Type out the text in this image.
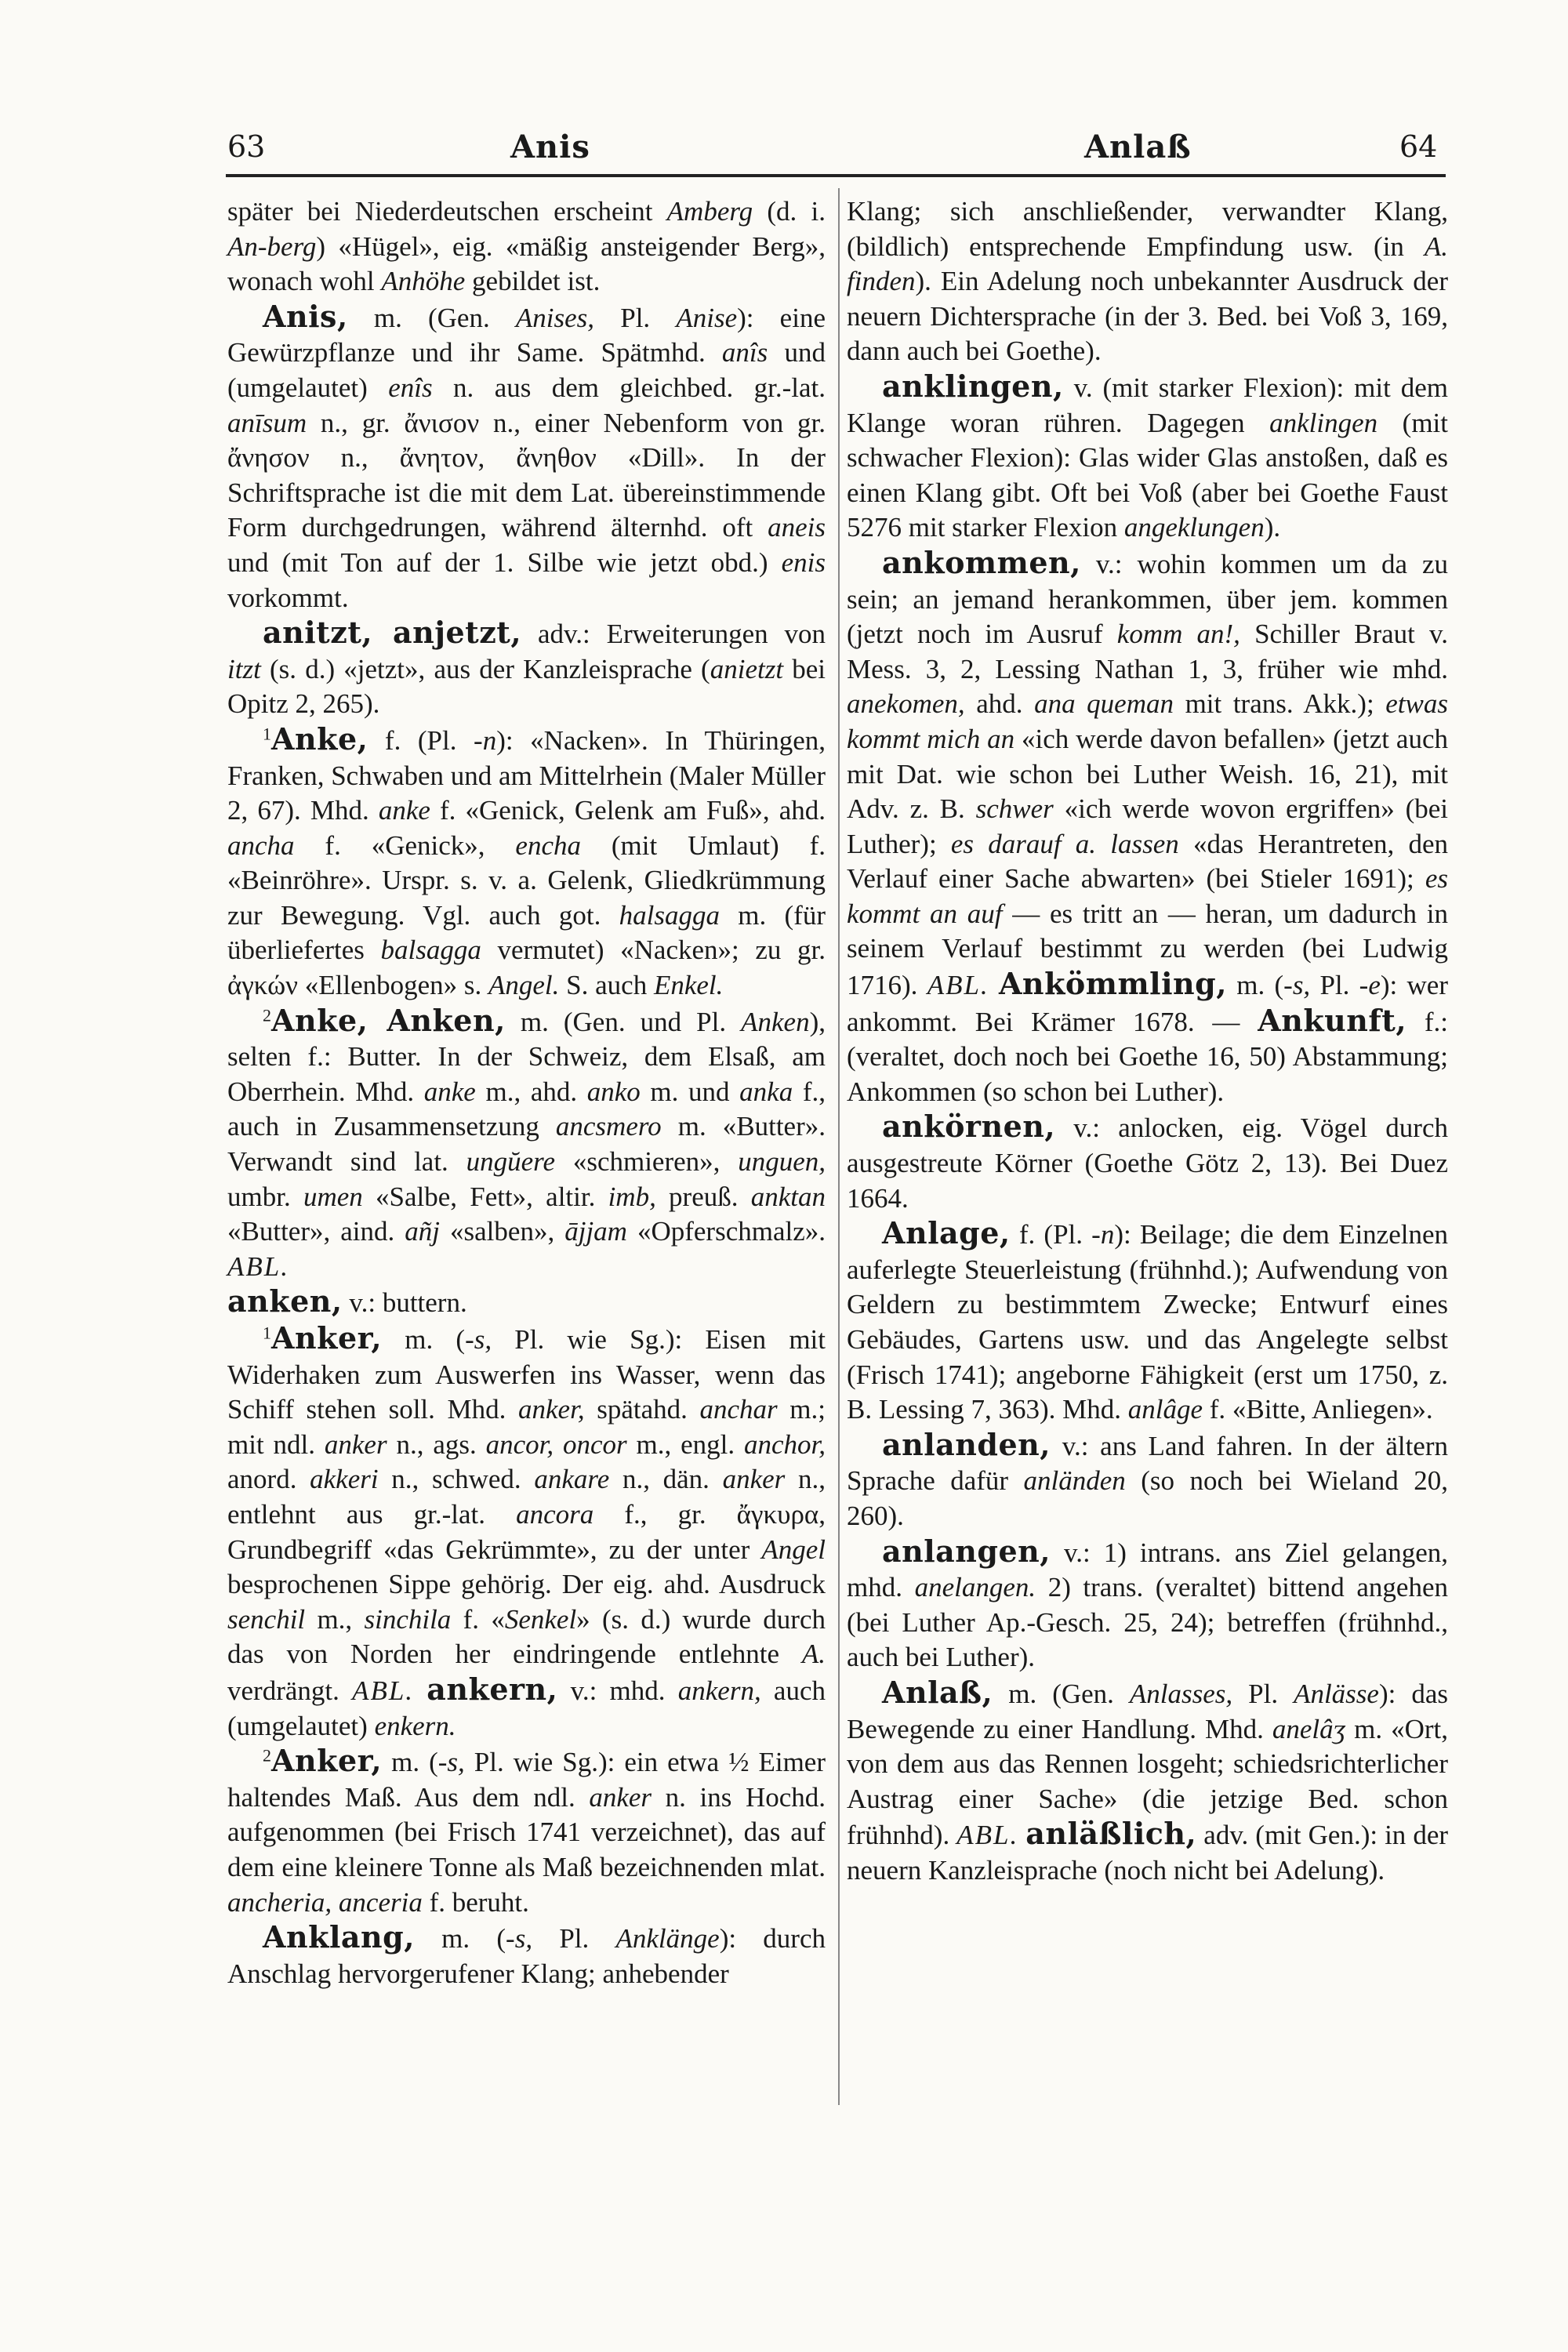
63	Anis	Anlaß	64

später bei Niederdeutschen erscheint Amberg (d. i. An-berg) «Hügel», eig. «mäßig ansteigender Berg», wonach wohl Anhöhe gebildet ist.

Anis, m. (Gen. Anises, Pl. Anise): eine Gewürzpflanze und ihr Same. Spätmhd. anîs und (umgelautet) enîs n. aus dem gleichbed. gr.-lat. anīsum n., gr. ἄνισον n., einer Nebenform von gr. ἄνησον n., ἄνητον, ἄνηθον «Dill». In der Schriftsprache ist die mit dem Lat. übereinstimmende Form durchgedrungen, während älternhd. oft aneis und (mit Ton auf der 1. Silbe wie jetzt obd.) enis vorkommt.

anitzt, anjetzt, adv.: Erweiterungen von itzt (s. d.) «jetzt», aus der Kanzleisprache (anietzt bei Opitz 2, 265).

$^1$Anke, f. (Pl. -n): «Nacken». In Thüringen, Franken, Schwaben und am Mittelrhein (Maler Müller 2, 67). Mhd. anke f. «Genick, Gelenk am Fuß», ahd. ancha f. «Genick», encha (mit Umlaut) f. «Beinröhre». Urspr. s. v. a. Gelenk, Gliedkrümmung zur Bewegung. Vgl. auch got. halsagga m. (für überliefertes balsagga vermutet) «Nacken»; zu gr. ἀγκών «Ellenbogen» s. Angel. S. auch Enkel.

$^2$Anke, Anken, m. (Gen. und Pl. Anken), selten f.: Butter. In der Schweiz, dem Elsaß, am Oberrhein. Mhd. anke m., ahd. anko m. und anka f., auch in Zusammensetzung ancsmero m. «Butter». Verwandt sind lat. ungŭere «schmieren», unguen, umbr. umen «Salbe, Fett», altir. imb, preuß. anktan «Butter», aind. añj «salben», ājjam «Opferschmalz». ABL.
anken, v.: buttern.

$^1$Anker, m. (-s, Pl. wie Sg.): Eisen mit Widerhaken zum Auswerfen ins Wasser, wenn das Schiff stehen soll. Mhd. anker, spätahd. anchar m.; mit ndl. anker n., ags. ancor, oncor m., engl. anchor, anord. akkeri n., schwed. ankare n., dän. anker n., entlehnt aus gr.-lat. ancora f., gr. ἄγκυρα, Grundbegriff «das Gekrümmte», zu der unter Angel besprochenen Sippe gehörig. Der eig. ahd. Ausdruck senchil m., sinchila f. «Senkel» (s. d.) wurde durch das von Norden her eindringende entlehnte A. verdrängt. ABL. ankern, v.: mhd. ankern, auch (umgelautet) enkern.

$^2$Anker, m. (-s, Pl. wie Sg.): ein etwa ½ Eimer haltendes Maß. Aus dem ndl. anker n. ins Hochd. aufgenommen (bei Frisch 1741 verzeichnet), das auf dem eine kleinere Tonne als Maß bezeichnenden mlat. ancheria, anceria f. beruht.

Anklang, m. (-s, Pl. Anklänge): durch Anschlag hervorgerufener Klang; anhebender

Klang; sich anschließender, verwandter Klang, (bildlich) entsprechende Empfindung usw. (in A. finden). Ein Adelung noch unbekannter Ausdruck der neuern Dichtersprache (in der 3. Bed. bei Voß 3, 169, dann auch bei Goethe).

anklingen, v. (mit starker Flexion): mit dem Klange woran rühren. Dagegen anklingen (mit schwacher Flexion): Glas wider Glas anstoßen, daß es einen Klang gibt. Oft bei Voß (aber bei Goethe Faust 5276 mit starker Flexion angeklungen).

ankommen, v.: wohin kommen um da zu sein; an jemand herankommen, über jem. kommen (jetzt noch im Ausruf komm an!, Schiller Braut v. Mess. 3, 2, Lessing Nathan 1, 3, früher wie mhd. anekomen, ahd. ana queman mit trans. Akk.); etwas kommt mich an «ich werde davon befallen» (jetzt auch mit Dat. wie schon bei Luther Weish. 16, 21), mit Adv. z. B. schwer «ich werde wovon ergriffen» (bei Luther); es darauf a. lassen «das Herantreten, den Verlauf einer Sache abwarten» (bei Stieler 1691); es kommt an auf — es tritt an — heran, um dadurch in seinem Verlauf bestimmt zu werden (bei Ludwig 1716). ABL. Ankömmling, m. (-s, Pl. -e): wer ankommt. Bei Krämer 1678. — Ankunft, f.: (veraltet, doch noch bei Goethe 16, 50) Abstammung; Ankommen (so schon bei Luther).

ankörnen, v.: anlocken, eig. Vögel durch ausgestreute Körner (Goethe Götz 2, 13). Bei Duez 1664.

Anlage, f. (Pl. -n): Beilage; die dem Einzelnen auferlegte Steuerleistung (frühnhd.); Aufwendung von Geldern zu bestimmtem Zwecke; Entwurf eines Gebäudes, Gartens usw. und das Angelegte selbst (Frisch 1741); angeborne Fähigkeit (erst um 1750, z. B. Lessing 7, 363). Mhd. anlâge f. «Bitte, Anliegen».

anlanden, v.: ans Land fahren. In der ältern Sprache dafür anländen (so noch bei Wieland 20, 260).

anlangen, v.: 1) intrans. ans Ziel gelangen, mhd. anelangen. 2) trans. (veraltet) bittend angehen (bei Luther Ap.-Gesch. 25, 24); betreffen (frühnhd., auch bei Luther).

Anlaß, m. (Gen. Anlasses, Pl. Anlässe): das Bewegende zu einer Handlung. Mhd. anelâʒ m. «Ort, von dem aus das Rennen losgeht; schiedsrichterlicher Austrag einer Sache» (die jetzige Bed. schon frühnhd). ABL. anläßlich, adv. (mit Gen.): in der neuern Kanzleisprache (noch nicht bei Adelung).
